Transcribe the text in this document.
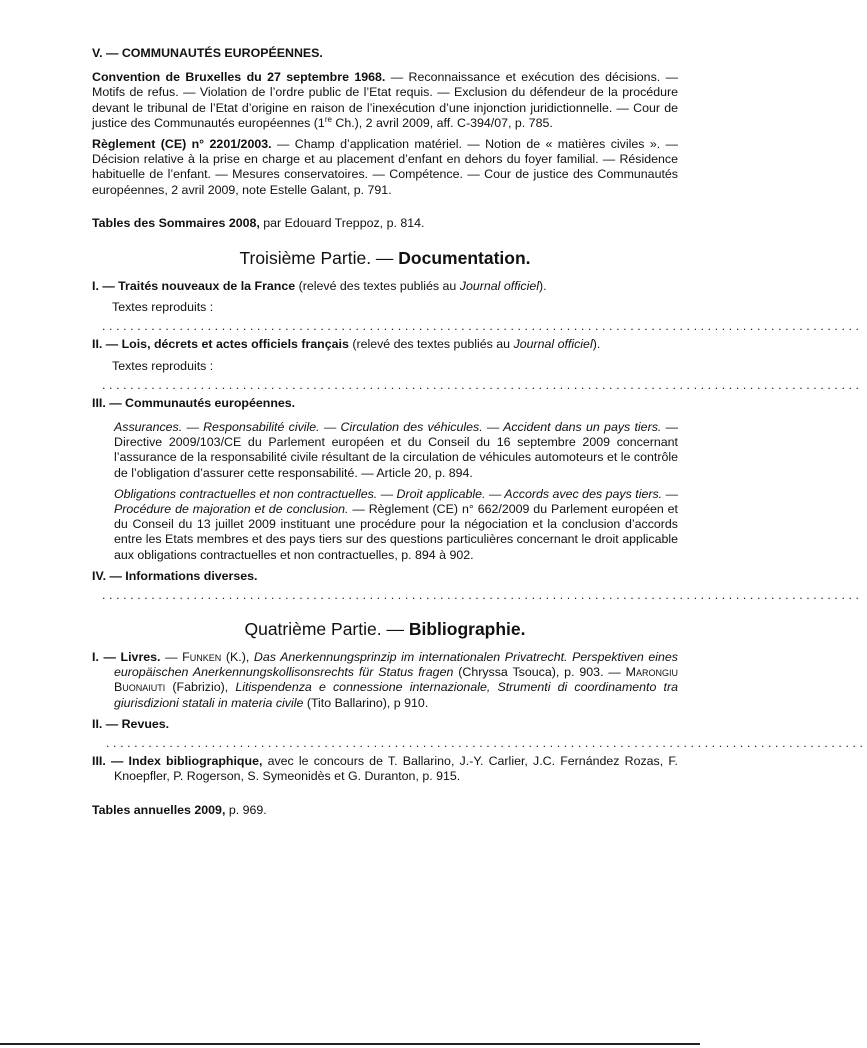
V. — COMMUNAUTÉS EUROPÉENNES.

Convention de Bruxelles du 27 septembre 1968. — Reconnaissance et exécution des décisions. — Motifs de refus. — Violation de l’ordre public de l’Etat requis. — Exclusion du défendeur de la procédure devant le tribunal de l’Etat d’origine en raison de l’inexécution d’une injonction juridictionnelle. — Cour de justice des Communautés européennes (1re Ch.), 2 avril 2009, aff. C-394/07, p. 785.

Règlement (CE) n° 2201/2003. — Champ d’application matériel. — Notion de « matières civiles ». — Décision relative à la prise en charge et au placement d’enfant en dehors du foyer familial. — Résidence habituelle de l’enfant. — Mesures conservatoires. — Compétence. — Cour de justice des Communautés européennes, 2 avril 2009, note Estelle Galant, p. 791.

Tables des Sommaires 2008, par Edouard Treppoz, p. 814.

Troisième Partie. — Documentation.

I. — Traités nouveaux de la France (relevé des textes publiés au Journal officiel).

Textes reproduits :

............................................................................................................

II. — Lois, décrets et actes officiels français (relevé des textes publiés au Journal officiel).

Textes reproduits :

............................................................................................................

III. — Communautés européennes.

Assurances. — Responsabilité civile. — Circulation des véhicules. — Accident dans un pays tiers. — Directive 2009/103/CE du Parlement européen et du Conseil du 16 septembre 2009 concernant l’assurance de la responsabilité civile résultant de la circulation de véhicules automoteurs et le contrôle de l’obligation d’assurer cette responsabilité. — Article 20, p. 894.

Obligations contractuelles et non contractuelles. — Droit applicable. — Accords avec des pays tiers. — Procédure de majoration et de conclusion. — Règlement (CE) n° 662/2009 du Parlement européen et du Conseil du 13 juillet 2009 instituant une procédure pour la négociation et la conclusion d’accords entre les Etats membres et des pays tiers sur des questions particulières concernant le droit applicable aux obligations contractuelles et non contractuelles, p. 894 à 902.

IV. — Informations diverses.

............................................................................................................

Quatrième Partie. — Bibliographie.

I. — Livres. — Funken (K.), Das Anerkennungsprinzip im internationalen Privatrecht. Perspektiven eines europäischen Anerkennungskollisonsrechts für Status fragen (Chryssa Tsouca), p. 903. — Marongiu Buonaiuti (Fabrizio), Litispendenza e connessione internazionale, Strumenti di coordinamento tra giurisdizioni statali in materia civile (Tito Ballarino), p 910.

II. — Revues.

............................................................................................................

III. — Index bibliographique, avec le concours de T. Ballarino, J.-Y. Carlier, J.C. Fernández Rozas, F. Knoepfler, P. Rogerson, S. Symeonidès et G. Duranton, p. 915.

Tables annuelles 2009, p. 969.
